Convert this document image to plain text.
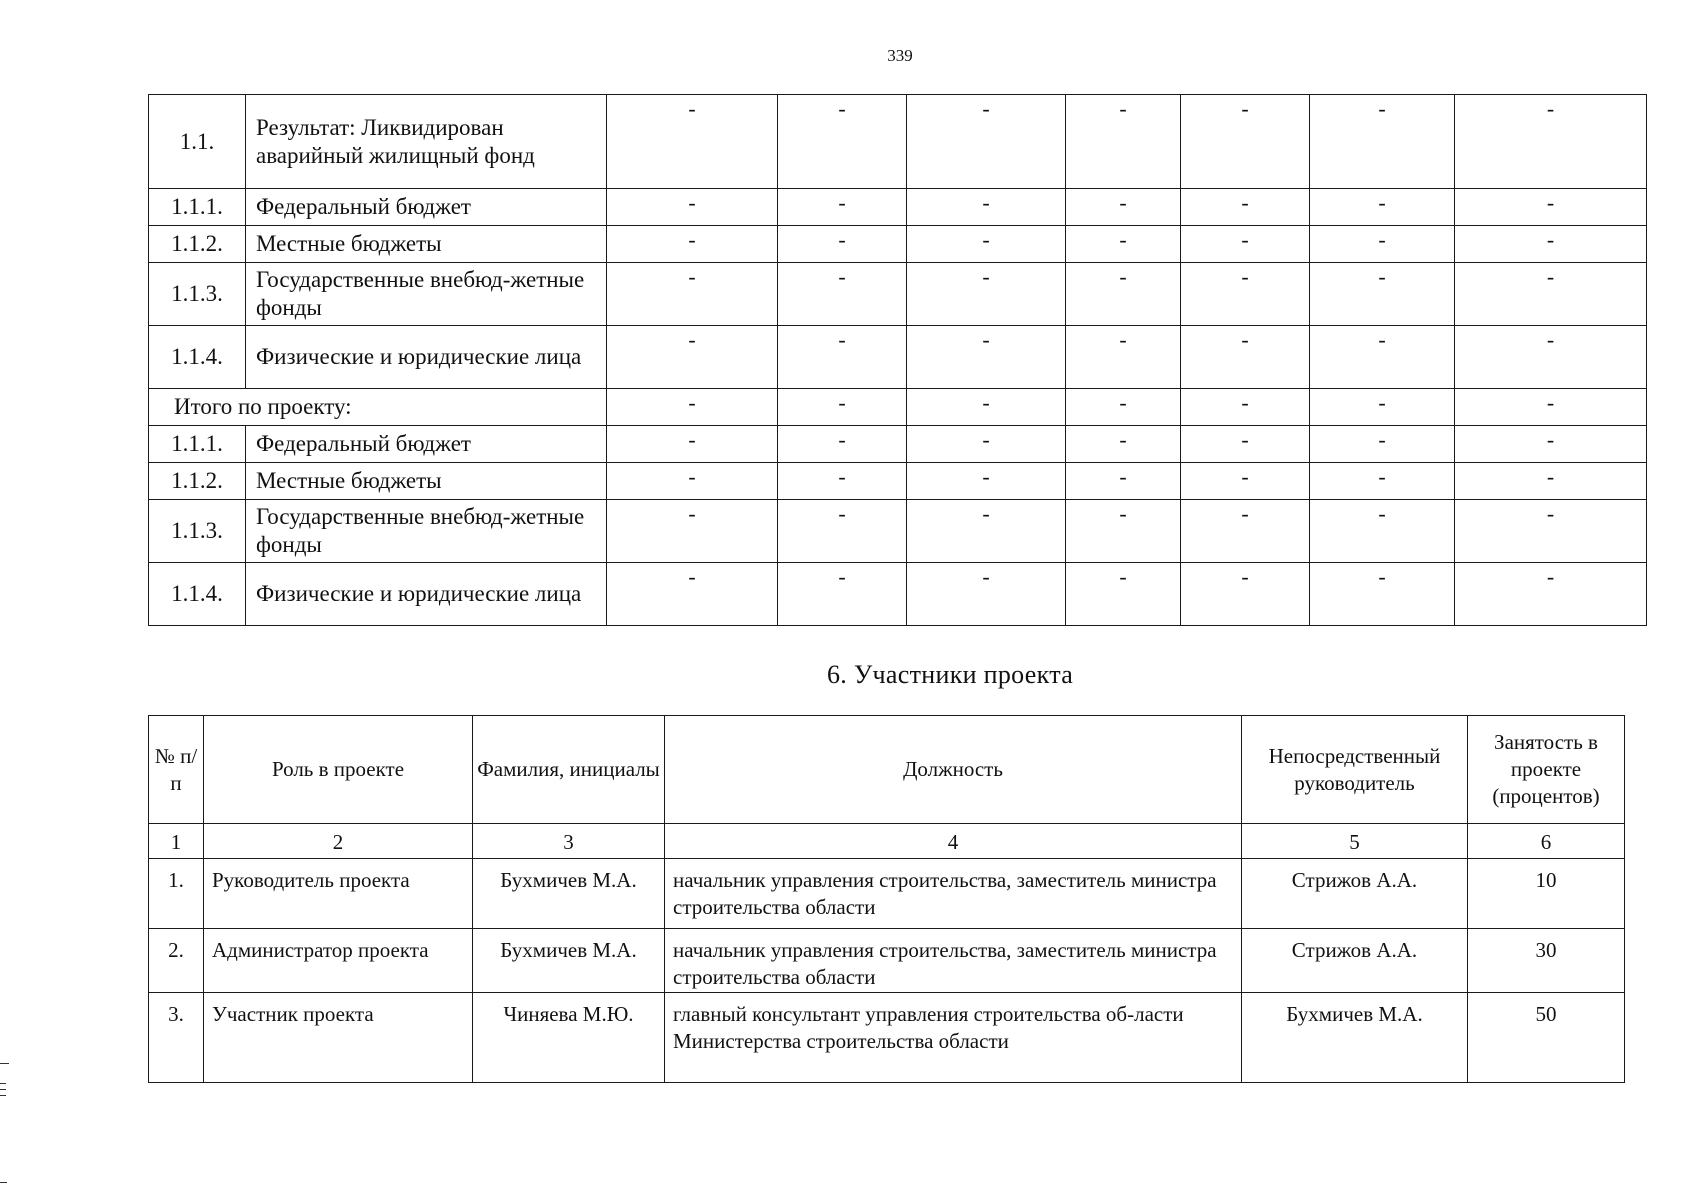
339
1.1.	Результат: Ликвидирован аварийный жилищный фонд	-	-	-	-	-	-	-
1.1.1.	Федеральный бюджет	-	-	-	-	-	-	-
1.1.2.	Местные бюджеты	-	-	-	-	-	-	-
1.1.3.	Государственные внебюд-жетные фонды	-	-	-	-	-	-	-
1.1.4.	Физические и юридические лица	-	-	-	-	-	-	-
Итого по проекту:		-	-	-	-	-	-	-
1.1.1.	Федеральный бюджет	-	-	-	-	-	-	-
1.1.2.	Местные бюджеты	-	-	-	-	-	-	-
1.1.3.	Государственные внебюд-жетные фонды	-	-	-	-	-	-	-
1.1.4.	Физические и юридические лица	-	-	-	-	-	-	-
6. Участники проекта
№ п/п	Роль в проекте	Фамилия, инициалы	Должность	Непосредственный руководитель	Занятость в проекте (процентов)
1	2	3	4	5	6
1.	Руководитель проекта	Бухмичев М.А.	начальник управления строительства, заместитель министра строительства области	Стрижов А.А.	10
2.	Администратор проекта	Бухмичев М.А.	начальник управления строительства, заместитель министра строительства области	Стрижов А.А.	30
3.	Участник проекта	Чиняева М.Ю.	главный консультант управления строительства об-ласти Министерства строительства области	Бухмичев М.А.	50
